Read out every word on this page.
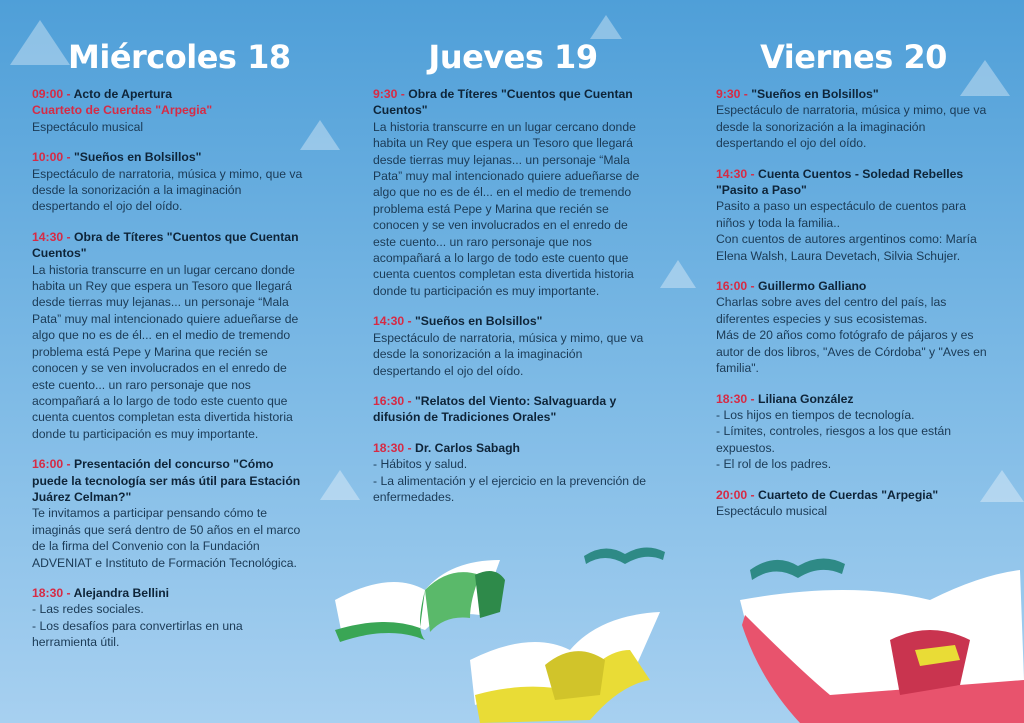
Miércoles 18
09:00 - Acto de Apertura
Cuarteto de Cuerdas "Arpegia"
Espectáculo musical
10:00 - "Sueños en Bolsillos"
Espectáculo de narratoria, música y mimo, que va desde la sonorización a la imaginación despertando el ojo del oído.
14:30 - Obra de Títeres "Cuentos que Cuentan Cuentos"
La historia transcurre en un lugar cercano donde habita un Rey que espera un Tesoro que llegará desde tierras muy lejanas... un personaje “Mala Pata” muy mal intencionado quiere adueñarse de algo que no es de él... en el medio de tremendo problema está Pepe y Marina que recién se conocen y se ven involucrados en el enredo de este cuento... un raro personaje que nos acompañará a lo largo de todo este cuento que cuenta cuentos completan esta divertida historia donde tu participación es muy importante.
16:00 - Presentación del concurso "Cómo puede la tecnología ser más útil para Estación Juárez Celman?"
Te invitamos a participar pensando cómo te imaginás que será dentro de 50 años en el marco de la firma del Convenio con la Fundación ADVENIAT e Instituto de Formación Tecnológica.
18:30 - Alejandra Bellini
- Las redes sociales.
- Los desafíos para convertirlas en una herramienta útil.
Jueves 19
9:30 - Obra de Títeres "Cuentos que Cuentan Cuentos"
La historia transcurre en un lugar cercano donde habita un Rey que espera un Tesoro que llegará desde tierras muy lejanas... un personaje “Mala Pata” muy mal intencionado quiere adueñarse de algo que no es de él... en el medio de tremendo problema está Pepe y Marina que recién se conocen y se ven involucrados en el enredo de este cuento... un raro personaje que nos acompañará a lo largo de todo este cuento que cuenta cuentos completan esta divertida historia donde tu participación es muy importante.
14:30 - "Sueños en Bolsillos"
Espectáculo de narratoria, música y mimo, que va desde la sonorización a la imaginación despertando el ojo del oído.
16:30 - "Relatos del Viento: Salvaguarda y difusión de Tradiciones Orales"
18:30 - Dr. Carlos Sabagh
- Hábitos y salud.
- La alimentación y el ejercicio en la prevención de enfermedades.
Viernes 20
9:30 - "Sueños en Bolsillos"
Espectáculo de narratoria, música y mimo, que va desde la sonorización a la imaginación despertando el ojo del oído.
14:30 - Cuenta Cuentos - Soledad Rebelles "Pasito a Paso"
Pasito a paso un espectáculo de cuentos para niños y toda la familia..
Con cuentos de autores argentinos como: María Elena Walsh, Laura Devetach, Silvia Schujer.
16:00 - Guillermo Galliano
Charlas sobre aves del centro del país, las diferentes especies y sus ecosistemas.
Más de 20 años como fotógrafo de pájaros y es autor de dos libros, "Aves de Córdoba" y "Aves en familia".
18:30 - Liliana González
- Los hijos en tiempos de tecnología.
- Límites, controles, riesgos a los que están expuestos.
- El rol de los padres.
20:00 - Cuarteto de Cuerdas "Arpegia"
Espectáculo musical
